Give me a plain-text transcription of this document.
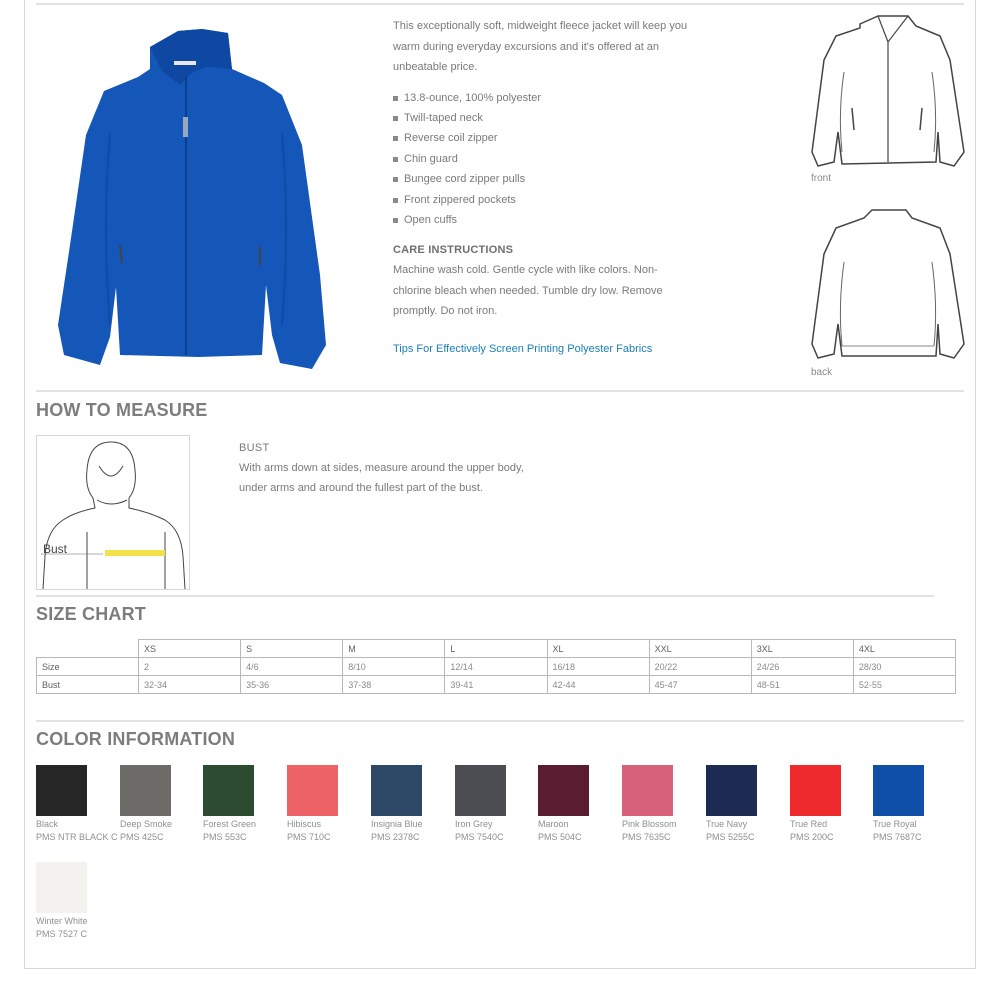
This exceptionally soft, midweight fleece jacket will keep you warm during everyday excursions and it's offered at an unbeatable price.

13.8-ounce, 100% polyester
Twill-taped neck
Reverse coil zipper
Chin guard
Bungee cord zipper pulls
Front zippered pockets
Open cuffs
CARE INSTRUCTIONS
Machine wash cold. Gentle cycle with like colors. Non-chlorine bleach when needed. Tumble dry low. Remove promptly. Do not iron.
Tips For Effectively Screen Printing Polyester Fabrics
front
back
HOW TO MEASURE
Bust
BUST
With arms down at sides, measure around the upper body, under arms and around the fullest part of the bust.
SIZE CHART
	XS	S	M	L	XL	XXL	3XL	4XL
Size	2	4/6	8/10	12/14	16/18	20/22	24/26	28/30
Bust	32-34	35-36	37-38	39-41	42-44	45-47	48-51	52-55
COLOR INFORMATION
Black
PMS NTR BLACK C
Deep Smoke
PMS 425C
Forest Green
PMS 553C
Hibiscus
PMS 710C
Insignia Blue
PMS 2378C
Iron Grey
PMS 7540C
Maroon
PMS 504C
Pink Blossom
PMS 7635C
True Navy
PMS 5255C
True Red
PMS 200C
True Royal
PMS 7687C
Winter White
PMS 7527 C
